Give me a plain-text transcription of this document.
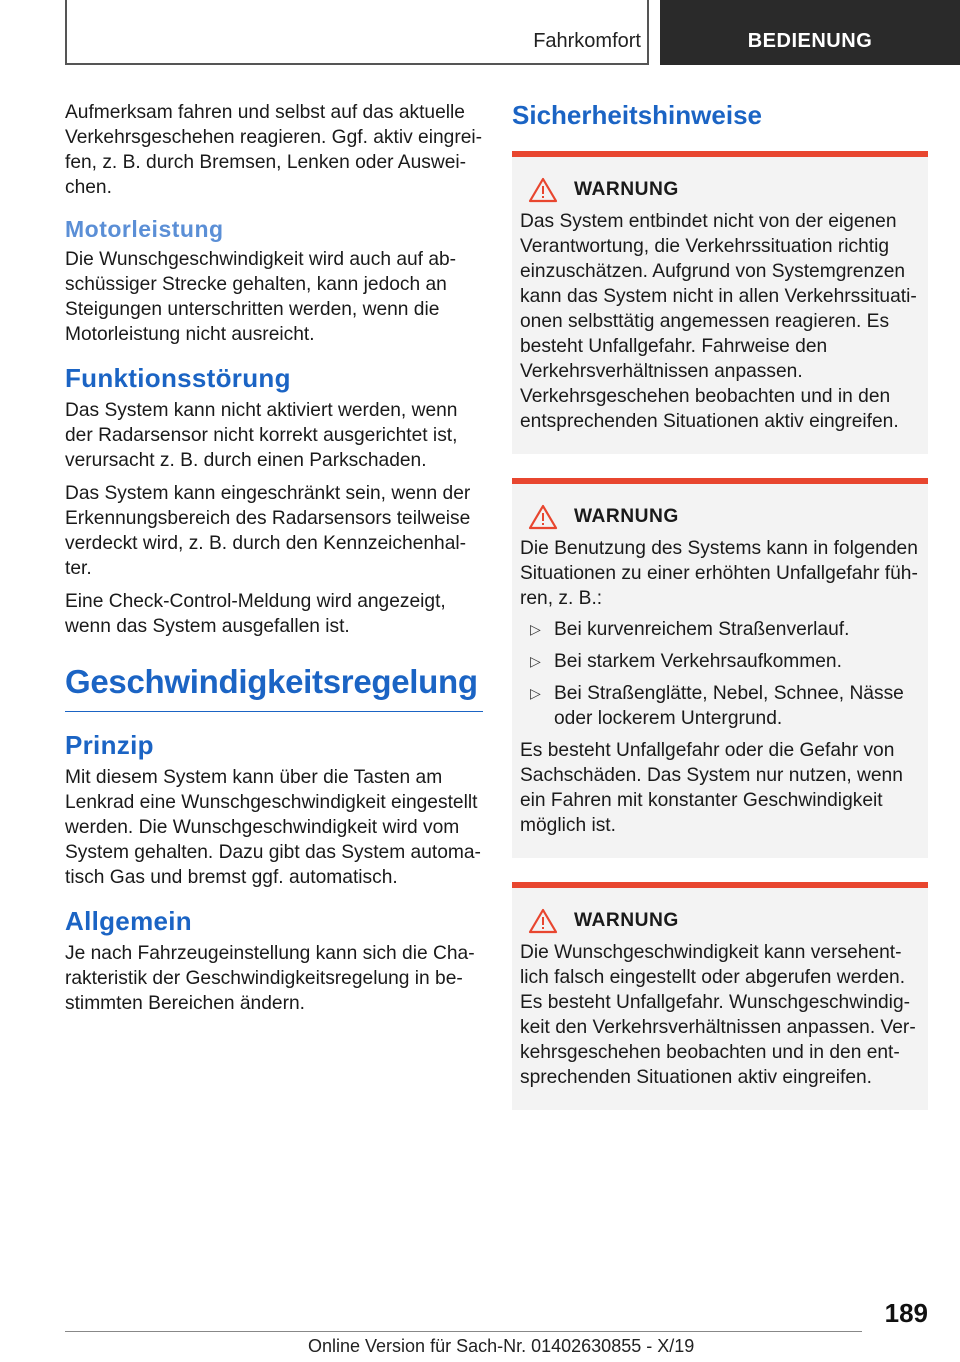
Fahrkomfort	BEDIENUNG

Aufmerksam fahren und selbst auf das aktuelle Verkehrsgeschehen reagieren. Ggf. aktiv eingreifen, z. B. durch Bremsen, Lenken oder Ausweichen.

Motorleistung

Die Wunschgeschwindigkeit wird auch auf abschüssiger Strecke gehalten, kann jedoch an Steigungen unterschritten werden, wenn die Motorleistung nicht ausreicht.

Funktionsstörung

Das System kann nicht aktiviert werden, wenn der Radarsensor nicht korrekt ausgerichtet ist, verursacht z. B. durch einen Parkschaden.

Das System kann eingeschränkt sein, wenn der Erkennungsbereich des Radarsensors teilweise verdeckt wird, z. B. durch den Kennzeichenhalter.

Eine Check-Control-Meldung wird angezeigt, wenn das System ausgefallen ist.

Geschwindigkeitsregelung
Prinzip

Mit diesem System kann über die Tasten am Lenkrad eine Wunschgeschwindigkeit eingestellt werden. Die Wunschgeschwindigkeit wird vom System gehalten. Dazu gibt das System automatisch Gas und bremst ggf. automatisch.

Allgemein

Je nach Fahrzeugeinstellung kann sich die Charakteristik der Geschwindigkeitsregelung in bestimmten Bereichen ändern.

Sicherheitshinweise
WARNUNG

Das System entbindet nicht von der eigenen Verantwortung, die Verkehrssituation richtig einzuschätzen. Aufgrund von Systemgrenzen kann das System nicht in allen Verkehrssituationen selbsttätig angemessen reagieren. Es besteht Unfallgefahr. Fahrweise den Verkehrsverhältnissen anpassen. Verkehrsgeschehen beobachten und in den entsprechenden Situationen aktiv eingreifen.

WARNUNG

Die Benutzung des Systems kann in folgenden Situationen zu einer erhöhten Unfallgefahr führen, z. B.:

▷ Bei kurvenreichem Straßenverlauf.
▷ Bei starkem Verkehrsaufkommen.
▷ Bei Straßenglätte, Nebel, Schnee, Nässe oder lockerem Untergrund.

Es besteht Unfallgefahr oder die Gefahr von Sachschäden. Das System nur nutzen, wenn ein Fahren mit konstanter Geschwindigkeit möglich ist.

WARNUNG

Die Wunschgeschwindigkeit kann versehentlich falsch eingestellt oder abgerufen werden. Es besteht Unfallgefahr. Wunschgeschwindigkeit den Verkehrsverhältnissen anpassen. Verkehrsgeschehen beobachten und in den entsprechenden Situationen aktiv eingreifen.

189
Online Version für Sach-Nr. 01402630855 - X/19
